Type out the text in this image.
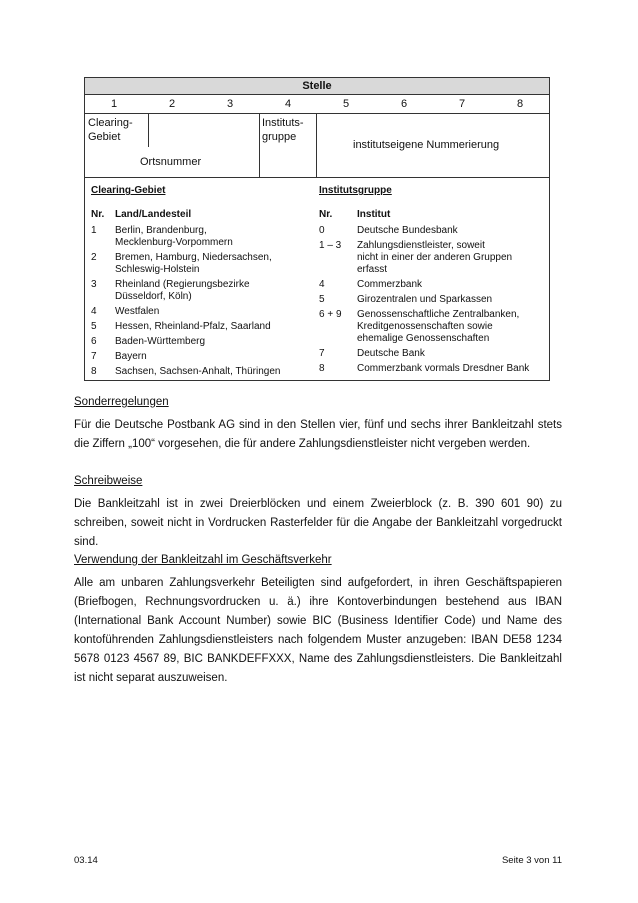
Stelle
1	2	3	4	5	6	7	8
Clearing-
Gebiet
Ortsnummer
Instituts-
gruppe
institutseigene Nummerierung
Clearing-Gebiet
Nr.	Land/Landesteil
1	Berlin, Brandenburg,
Mecklenburg-Vorpommern
2	Bremen, Hamburg, Niedersachsen,
Schleswig-Holstein
3	Rheinland (Regierungsbezirke
Düsseldorf, Köln)
4	Westfalen
5	Hessen, Rheinland-Pfalz, Saarland
6	Baden-Württemberg
7	Bayern
8	Sachsen, Sachsen-Anhalt, Thüringen
Institutsgruppe
Nr.	Institut
0	Deutsche Bundesbank
1 – 3	Zahlungsdienstleister, soweit
nicht in einer der anderen Gruppen
erfasst
4	Commerzbank
5	Girozentralen und Sparkassen
6 + 9	Genossenschaftliche Zentralbanken,
Kreditgenossenschaften sowie
ehemalige Genossenschaften
7	Deutsche Bank
8	Commerzbank vormals Dresdner Bank
Sonderregelungen
Für die Deutsche Postbank AG sind in den Stellen vier, fünf und sechs ihrer Bankleitzahl stets die Ziffern „100“ vorgesehen, die für andere Zahlungsdienstleister nicht vergeben werden.
Schreibweise
Die Bankleitzahl ist in zwei Dreierblöcken und einem Zweierblock (z. B. 390 601 90) zu schreiben, soweit nicht in Vordrucken Rasterfelder für die Angabe der Bankleitzahl vorgedruckt sind.
Verwendung der Bankleitzahl im Geschäftsverkehr
Alle am unbaren Zahlungsverkehr Beteiligten sind aufgefordert, in ihren Geschäftspapieren (Briefbogen, Rechnungsvordrucken u. ä.) ihre Kontoverbindungen bestehend aus IBAN (International Bank Account Number) sowie BIC (Business Identifier Code) und Name des kontoführenden Zahlungsdienstleisters nach folgendem Muster anzugeben: IBAN DE58 1234 5678 0123 4567 89, BIC BANKDEFFXXX, Name des Zahlungsdienstleisters. Die Bankleitzahl ist nicht separat auszuweisen.
03.14	Seite 3 von 11
